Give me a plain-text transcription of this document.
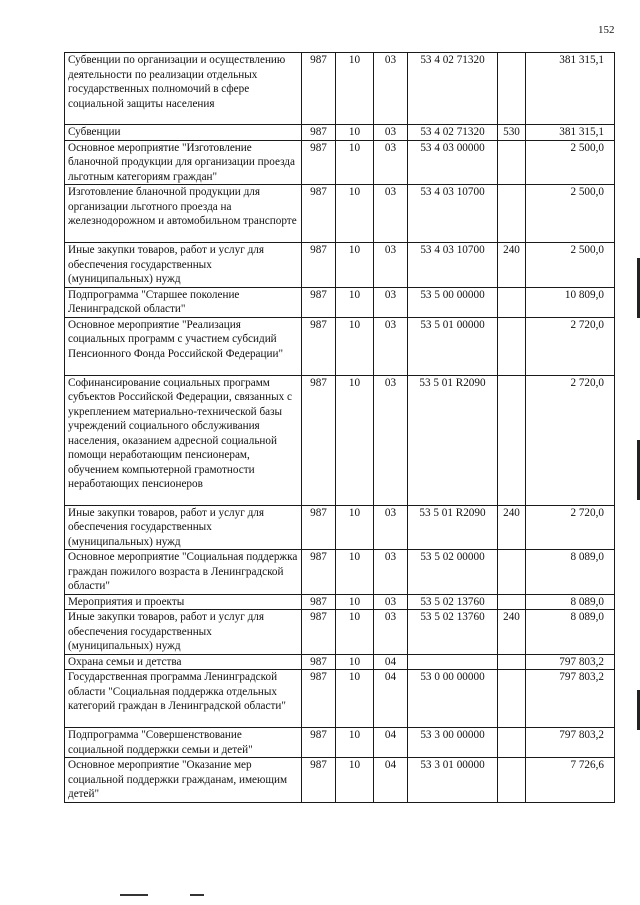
152
Субвенции по организации и осуществлению деятельности по реализации отдельных государственных полномочий в сфере социальной защиты населения	987	10	03	53 4 02 71320		381 315,1
Субвенции	987	10	03	53 4 02 71320	530	381 315,1
Основное мероприятие "Изготовление бланочной продукции для организации проезда льготным категориям граждан"	987	10	03	53 4 03 00000		2 500,0
Изготовление бланочной продукции для организации льготного проезда на железнодорожном и автомобильном транспорте	987	10	03	53 4 03 10700		2 500,0
Иные закупки товаров, работ и услуг для обеспечения государственных (муниципальных) нужд	987	10	03	53 4 03 10700	240	2 500,0
Подпрограмма "Старшее поколение Ленинградской области"	987	10	03	53 5 00 00000		10 809,0
Основное мероприятие "Реализация социальных программ с участием субсидий Пенсионного Фонда Российской Федерации"	987	10	03	53 5 01 00000		2 720,0
Софинансирование социальных программ субъектов Российской Федерации, связанных с укреплением материально-технической базы учреждений социального обслуживания населения, оказанием адресной социальной помощи неработающим пенсионерам, обучением компьютерной грамотности неработающих пенсионеров	987	10	03	53 5 01 R2090		2 720,0
Иные закупки товаров, работ и услуг для обеспечения государственных (муниципальных) нужд	987	10	03	53 5 01 R2090	240	2 720,0
Основное мероприятие "Социальная поддержка граждан пожилого возраста в Ленинградской области"	987	10	03	53 5 02 00000		8 089,0
Мероприятия и проекты	987	10	03	53 5 02 13760		8 089,0
Иные закупки товаров, работ и услуг для обеспечения государственных (муниципальных) нужд	987	10	03	53 5 02 13760	240	8 089,0
Охрана семьи и детства	987	10	04			797 803,2
Государственная программа Ленинградской области "Социальная поддержка отдельных категорий граждан в Ленинградской области"	987	10	04	53 0 00 00000		797 803,2
Подпрограмма "Совершенствование социальной поддержки семьи и детей"	987	10	04	53 3 00 00000		797 803,2
Основное мероприятие "Оказание мер социальной поддержки гражданам, имеющим детей"	987	10	04	53 3 01 00000		7 726,6
